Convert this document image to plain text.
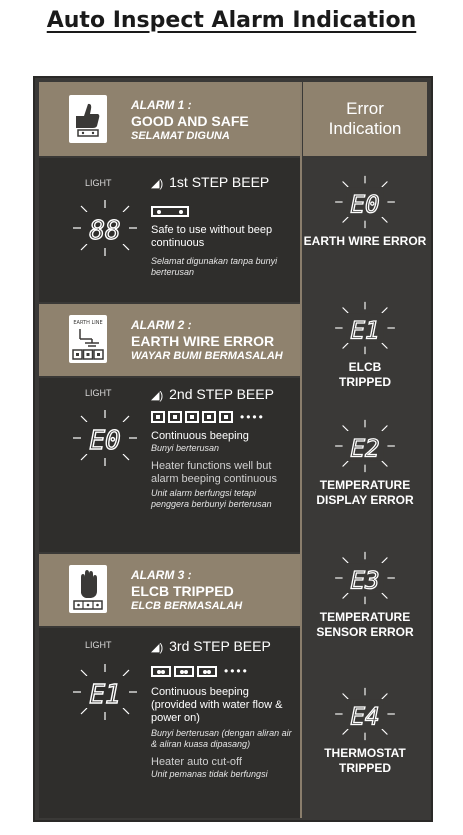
Auto Inspect Alarm Indication
ALARM 1 :
GOOD AND SAFE
SELAMAT DIGUNA
LIGHT	◢) 1st STEP BEEP
88	Safe to use without beep continuous
Selamat digunakan tanpa bunyi berterusan
EARTH LINE ALARM 2 :
EARTH WIRE ERROR
WAYAR BUMI BERMASALAH
LIGHT	◢) 2nd STEP BEEP
E0
••••
Continuous beeping
Bunyi berterusan
Heater functions well but alarm beeping continuous
Unit alarm berfungsi tetapi penggera berbunyi berterusan
ALARM 3 :
ELCB TRIPPED
ELCB BERMASALAH
LIGHT	◢) 3rd STEP BEEP
E1
••••
Continuous beeping (provided with water flow & power on)
Bunyi berterusan (dengan aliran air & aliran kuasa dipasang)
Heater auto cut-off
Unit pemanas tidak berfungsi
Error
Indication
E0
EARTH WIRE ERROR
E1
ELCB TRIPPED
E2
TEMPERATURE DISPLAY ERROR
E3
TEMPERATURE SENSOR ERROR
E4
THERMOSTAT TRIPPED
